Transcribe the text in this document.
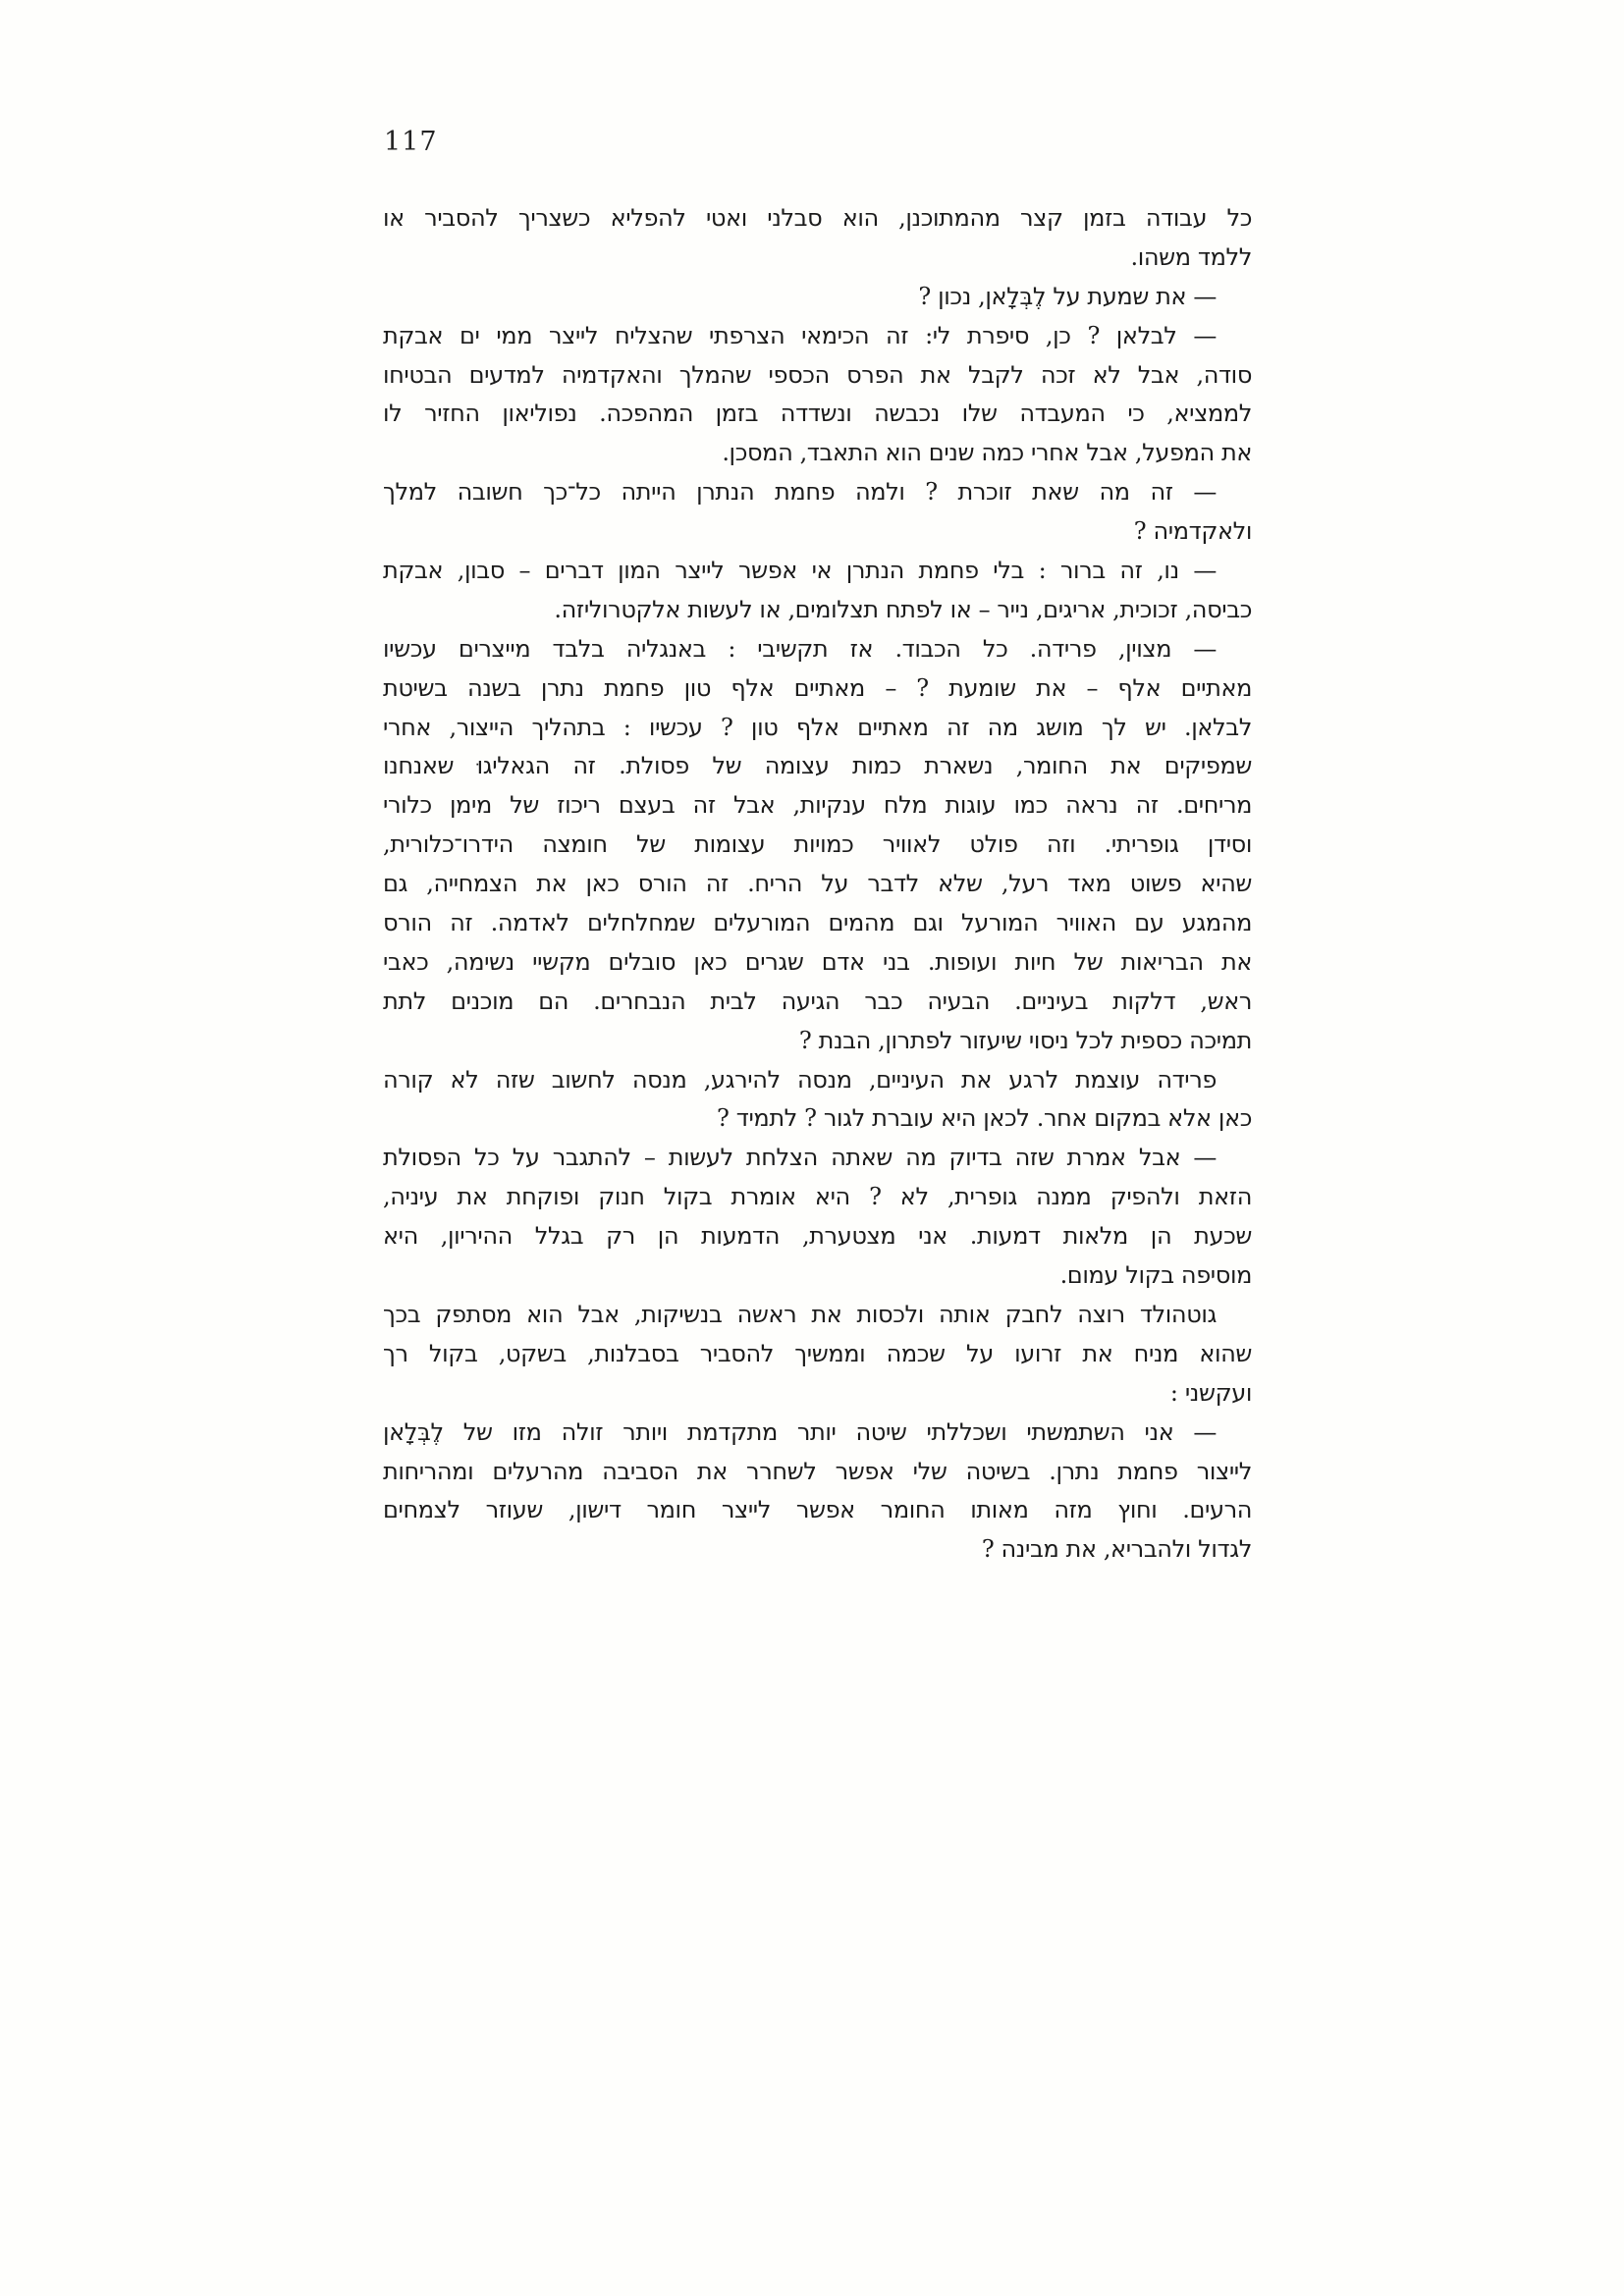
117
כל עבודה בזמן קצר מהמתוכנן, הוא סבלני ואטי להפליא כשצריך להסביר או
ללמד משהו.
— את שמעת על לֶבְּלָאן, נכון ?
— לבלאן ? כן, סיפרת לי: זה הכימאי הצרפתי שהצליח לייצר ממי ים אבקת
סודה, אבל לא זכה לקבל את הפרס הכספי שהמלך והאקדמיה למדעים הבטיחו
לממציא, כי המעבדה שלו נכבשה ונשדדה בזמן המהפכה. נפוליאון החזיר לו
את המפעל, אבל אחרי כמה שנים הוא התאבד, המסכן.
— זה מה שאת זוכרת ? ולמה פחמת הנתרן הייתה כל־כך חשובה למלך
ולאקדמיה ?
— נו, זה ברור : בלי פחמת הנתרן אי אפשר לייצר המון דברים – סבון, אבקת
כביסה, זכוכית, אריגים, נייר – או לפתח תצלומים, או לעשות אלקטרוליזה.
— מצוין, פרידה. כל הכבוד. אז תקשיבי : באנגליה בלבד מייצרים עכשיו
מאתיים אלף – את שומעת ? – מאתיים אלף טון פחמת נתרן בשנה בשיטת
לבלאן. יש לך מושג מה זה מאתיים אלף טון ? עכשיו : בתהליך הייצור, אחרי
שמפיקים את החומר, נשארת כמות עצומה של פסולת. זה הגאליגוּ שאנחנו
מריחים. זה נראה כמו עוגות מלח ענקיות, אבל זה בעצם ריכוז של מימן כלורי
וסידן גופריתי. וזה פולט לאוויר כמויות עצומות של חומצה הידרו־כלורית,
שהיא פשוט מאד רעל, שלא לדבר על הריח. זה הורס כאן את הצמחייה, גם
מהמגע עם האוויר המורעל וגם מהמים המורעלים שמחלחלים לאדמה. זה הורס
את הבריאות של חיות ועופות. בני אדם שגרים כאן סובלים מקשיי נשימה, כאבי
ראש, דלקות בעיניים. הבעיה כבר הגיעה לבית הנבחרים. הם מוכנים לתת
תמיכה כספית לכל ניסוי שיעזור לפתרון, הבנת ?
פרידה עוצמת לרגע את העיניים, מנסה להירגע, מנסה לחשוב שזה לא קורה
כאן אלא במקום אחר. לכאן היא עוברת לגור ? לתמיד ?
— אבל אמרת שזה בדיוק מה שאתה הצלחת לעשות – להתגבר על כל הפסולת
הזאת ולהפיק ממנה גופרית, לא ? היא אומרת בקול חנוק ופוקחת את עיניה,
שכעת הן מלאות דמעות. אני מצטערת, הדמעות הן רק בגלל ההיריון, היא
מוסיפה בקול עמום.
גוטהולד רוצה לחבק אותה ולכסות את ראשה בנשיקות, אבל הוא מסתפק בכך
שהוא מניח את זרועו על שכמה וממשיך להסביר בסבלנות, בשקט, בקול רך
ועקשני :
— אני השתמשתי ושכללתי שיטה יותר מתקדמת ויותר זולה מזו של לֶבְּלָאן
לייצור פחמת נתרן. בשיטה שלי אפשר לשחרר את הסביבה מהרעלים ומהריחות
הרעים. וחוץ מזה מאותו החומר אפשר לייצר חומר דישון, שעוזר לצמחים
לגדול ולהבריא, את מבינה ?
